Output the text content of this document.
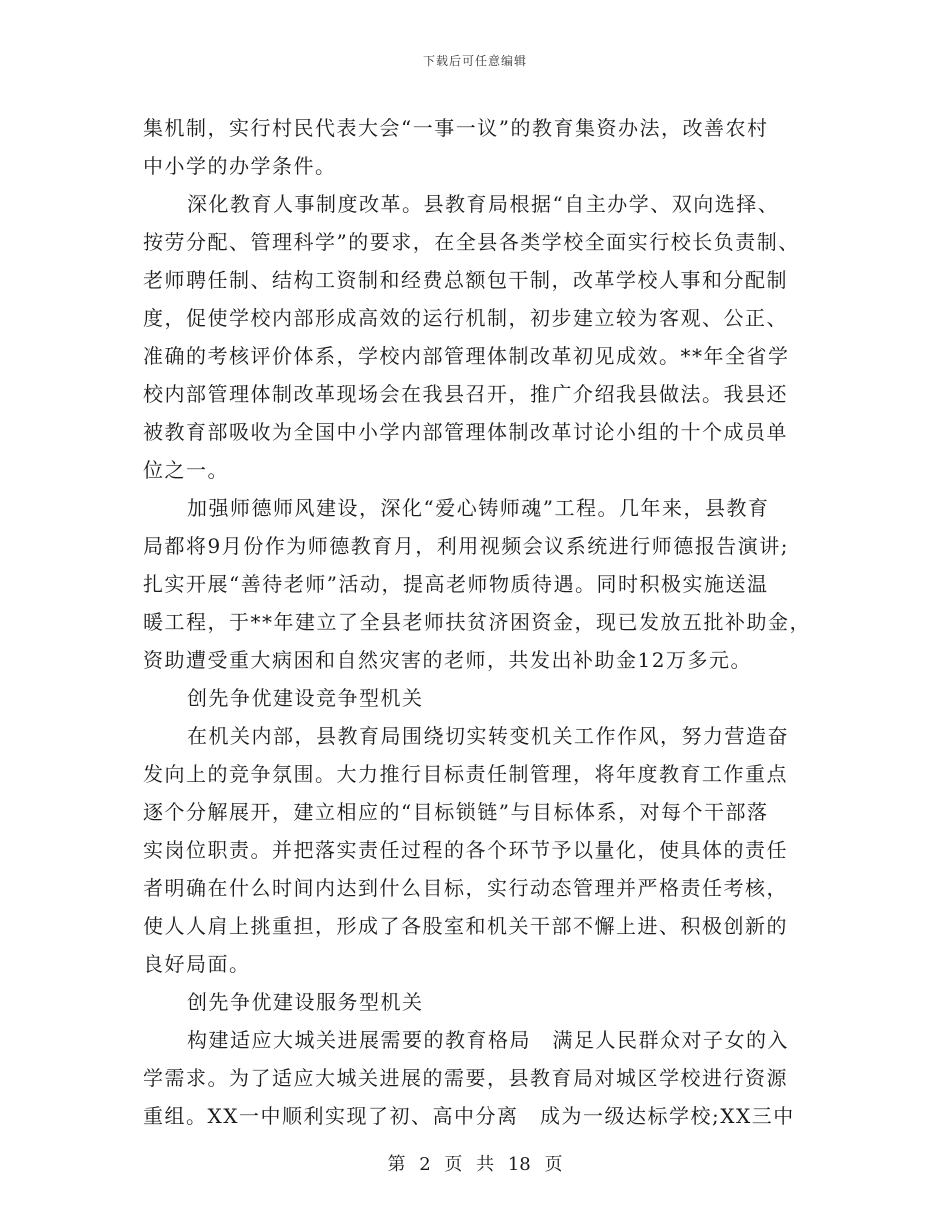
下载后可任意编辑
集机制，实行村民代表大会“一事一议”的教育集资办法，改善农村
中小学的办学条件。
深化教育人事制度改革。县教育局根据“自主办学、双向选择、
按劳分配、管理科学”的要求，在全县各类学校全面实行校长负责制、
老师聘任制、结构工资制和经费总额包干制，改革学校人事和分配制
度，促使学校内部形成高效的运行机制，初步建立较为客观、公正、
准确的考核评价体系，学校内部管理体制改革初见成效。**年全省学
校内部管理体制改革现场会在我县召开，推广介绍我县做法。我县还
被教育部吸收为全国中小学内部管理体制改革讨论小组的十个成员单
位之一。
加强师德师风建设，深化“爱心铸师魂”工程。几年来，县教育
局都将9月份作为师德教育月，利用视频会议系统进行师德报告演讲;
扎实开展“善待老师”活动，提高老师物质待遇。同时积极实施送温
暖工程，于**年建立了全县老师扶贫济困资金，现已发放五批补助金，
资助遭受重大病困和自然灾害的老师，共发出补助金12万多元。
创先争优建设竞争型机关
在机关内部，县教育局围绕切实转变机关工作作风，努力营造奋
发向上的竞争氛围。大力推行目标责任制管理，将年度教育工作重点
逐个分解展开，建立相应的“目标锁链”与目标体系，对每个干部落
实岗位职责。并把落实责任过程的各个环节予以量化，使具体的责任
者明确在什么时间内达到什么目标，实行动态管理并严格责任考核，
使人人肩上挑重担，形成了各股室和机关干部不懈上进、积极创新的
良好局面。
创先争优建设服务型机关
构建适应大城关进展需要的教育格局　满足人民群众对子女的入
学需求。为了适应大城关进展的需要，县教育局对城区学校进行资源
重组。XX一中顺利实现了初、高中分离　成为一级达标学校;XX三中
第 2 页 共 18 页
